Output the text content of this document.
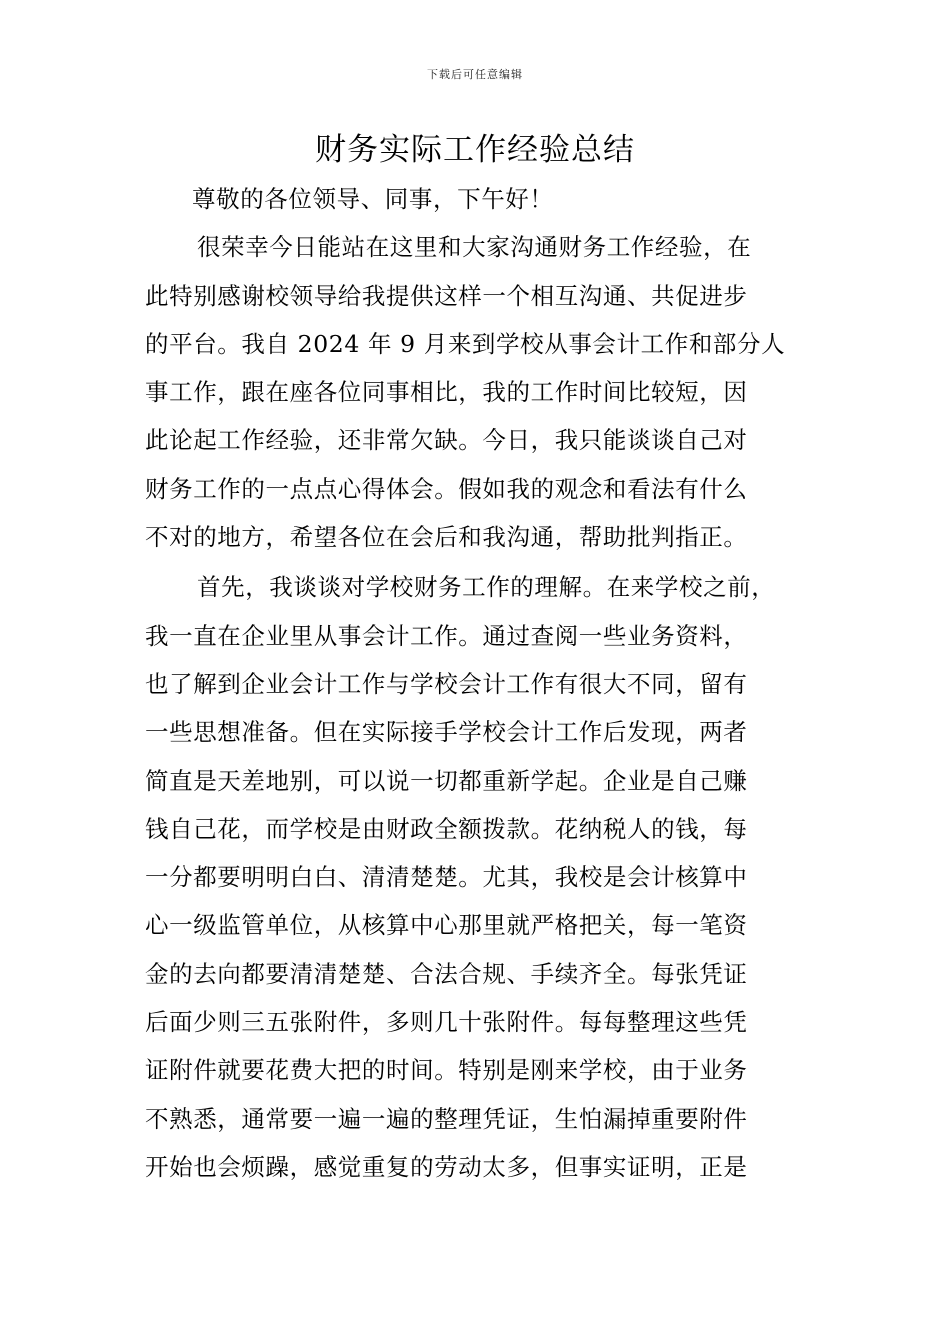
下载后可任意编辑
财务实际工作经验总结
尊敬的各位领导、同事，下午好！
很荣幸今日能站在这里和大家沟通财务工作经验，在
此特别感谢校领导给我提供这样一个相互沟通、共促进步
的平台。我自 2024 年 9 月来到学校从事会计工作和部分人
事工作，跟在座各位同事相比，我的工作时间比较短，因
此论起工作经验，还非常欠缺。今日，我只能谈谈自己对
财务工作的一点点心得体会。假如我的观念和看法有什么
不对的地方，希望各位在会后和我沟通，帮助批判指正。
首先，我谈谈对学校财务工作的理解。在来学校之前，
我一直在企业里从事会计工作。通过查阅一些业务资料，
也了解到企业会计工作与学校会计工作有很大不同，留有
一些思想准备。但在实际接手学校会计工作后发现，两者
简直是天差地别，可以说一切都重新学起。企业是自己赚
钱自己花，而学校是由财政全额拨款。花纳税人的钱，每
一分都要明明白白、清清楚楚。尤其，我校是会计核算中
心一级监管单位，从核算中心那里就严格把关，每一笔资
金的去向都要清清楚楚、合法合规、手续齐全。每张凭证
后面少则三五张附件，多则几十张附件。每每整理这些凭
证附件就要花费大把的时间。特别是刚来学校，由于业务
不熟悉，通常要一遍一遍的整理凭证，生怕漏掉重要附件
开始也会烦躁，感觉重复的劳动太多，但事实证明，正是
